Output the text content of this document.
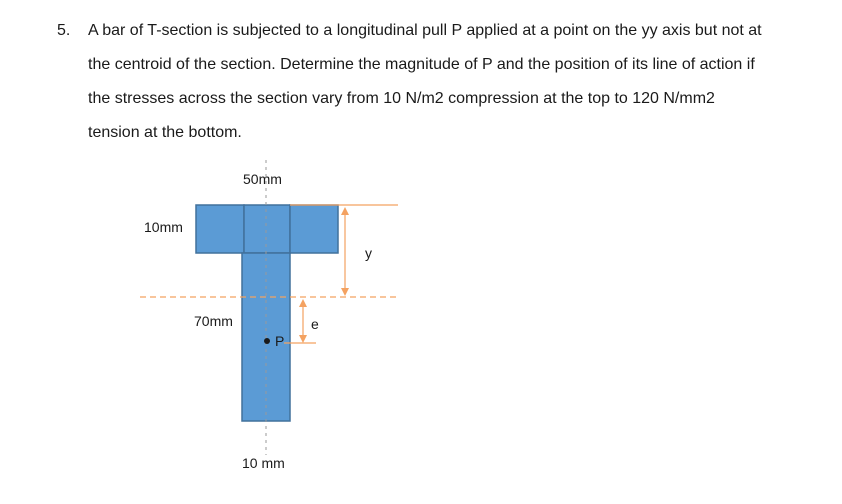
5. A bar of T-section is subjected to a longitudinal pull P applied at a point on the yy axis but not at
the centroid of the section. Determine the magnitude of P and the position of its line of action if
the stresses across the section vary from 10 N/m2 compression at the top to 120 N/mm2
tension at the bottom.
50mm
10mm
70mm
10 mm
y
e
P
